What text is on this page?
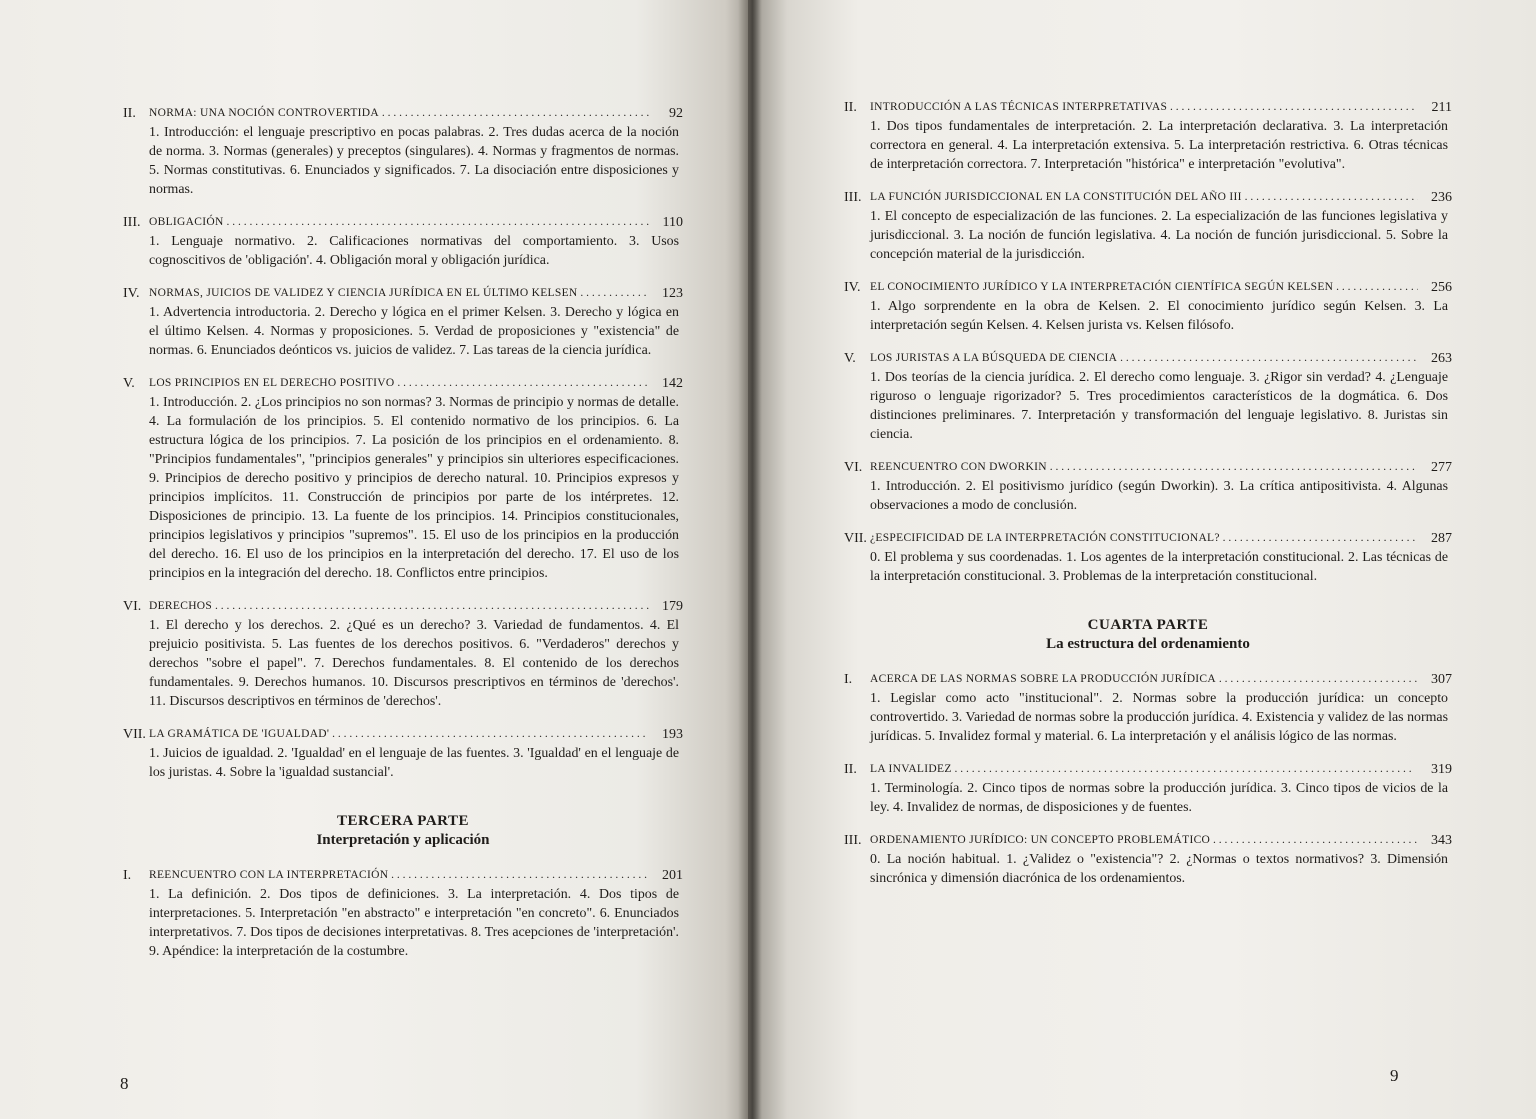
II.	NORMA: UNA NOCIÓN CONTROVERTIDA . . .	92
1. Introducción: el lenguaje prescriptivo en pocas palabras. 2. Tres dudas acerca de la noción de norma. 3. Normas (generales) y preceptos (singulares). 4. Normas y fragmentos de normas. 5. Normas constitutivas. 6. Enunciados y significados. 7. La disociación entre disposiciones y normas.
III. OBLIGACIÓN . . .	110
1. Lenguaje normativo. 2. Calificaciones normativas del comportamiento. 3. Usos cognoscitivos de 'obligación'. 4. Obligación moral y obligación jurídica.
IV. NORMAS, JUICIOS DE VALIDEZ Y CIENCIA JURÍDICA EN EL ÚLTIMO KELSEN . . .	123
1. Advertencia introductoria. 2. Derecho y lógica en el primer Kelsen. 3. Derecho y lógica en el último Kelsen. 4. Normas y proposiciones. 5. Verdad de proposiciones y "existencia" de normas. 6. Enunciados deónticos vs. juicios de validez. 7. Las tareas de la ciencia jurídica.
V.	LOS PRINCIPIOS EN EL DERECHO POSITIVO . . .	142
1. Introducción. 2. ¿Los principios no son normas? 3. Normas de principio y normas de detalle. 4. La formulación de los principios. 5. El contenido normativo de los principios. 6. La estructura lógica de los principios. 7. La posición de los principios en el ordenamiento. 8. "Principios fundamentales", "principios generales" y principios sin ulteriores especificaciones. 9. Principios de derecho positivo y principios de derecho natural. 10. Principios expresos y principios implícitos. 11. Construcción de principios por parte de los intérpretes. 12. Disposiciones de principio. 13. La fuente de los principios. 14. Principios constitucionales, principios legislativos y principios "supremos". 15. El uso de los principios en la producción del derecho. 16. El uso de los principios en la interpretación del derecho. 17. El uso de los principios en la integración del derecho. 18. Conflictos entre principios.
VI. DERECHOS . . .	179
1. El derecho y los derechos. 2. ¿Qué es un derecho? 3. Variedad de fundamentos. 4. El prejuicio positivista. 5. Las fuentes de los derechos positivos. 6. "Verdaderos" derechos y derechos "sobre el papel". 7. Derechos fundamentales. 8. El contenido de los derechos fundamentales. 9. Derechos humanos. 10. Discursos prescriptivos en términos de 'derechos'. 11. Discursos descriptivos en términos de 'derechos'.
VII. LA GRAMÁTICA DE 'IGUALDAD' . . .	193
1. Juicios de igualdad. 2. 'Igualdad' en el lenguaje de las fuentes. 3. 'Igualdad' en el lenguaje de los juristas. 4. Sobre la 'igualdad sustancial'.
TERCERA PARTE
Interpretación y aplicación
I.	REENCUENTRO CON LA INTERPRETACIÓN . . .	201
1. La definición. 2. Dos tipos de definiciones. 3. La interpretación. 4. Dos tipos de interpretaciones. 5. Interpretación "en abstracto" e interpretación "en concreto". 6. Enunciados interpretativos. 7. Dos tipos de decisiones interpretativas. 8. Tres acepciones de 'interpretación'. 9. Apéndice: la interpretación de la costumbre.
8
II.	INTRODUCCIÓN A LAS TÉCNICAS INTERPRETATIVAS . . .	211
1. Dos tipos fundamentales de interpretación. 2. La interpretación declarativa. 3. La interpretación correctora en general. 4. La interpretación extensiva. 5. La interpretación restrictiva. 6. Otras técnicas de interpretación correctora. 7. Interpretación "histórica" e interpretación "evolutiva".
III. LA FUNCIÓN JURISDICCIONAL EN LA CONSTITUCIÓN DEL AÑO III . . .	236
1. El concepto de especialización de las funciones. 2. La especialización de las funciones legislativa y jurisdiccional. 3. La noción de función legislativa. 4. La noción de función jurisdiccional. 5. Sobre la concepción material de la jurisdicción.
IV. EL CONOCIMIENTO JURÍDICO Y LA INTERPRETACIÓN CIENTÍFICA SEGÚN KELSEN . . .	256
1. Algo sorprendente en la obra de Kelsen. 2. El conocimiento jurídico según Kelsen. 3. La interpretación según Kelsen. 4. Kelsen jurista vs. Kelsen filósofo.
V.	LOS JURISTAS A LA BÚSQUEDA DE CIENCIA . . .	263
1. Dos teorías de la ciencia jurídica. 2. El derecho como lenguaje. 3. ¿Rigor sin verdad? 4. ¿Lenguaje riguroso o lenguaje rigorizador? 5. Tres procedimientos característicos de la dogmática. 6. Dos distinciones preliminares. 7. Interpretación y transformación del lenguaje legislativo. 8. Juristas sin ciencia.
VI. REENCUENTRO CON DWORKIN . . .	277
1. Introducción. 2. El positivismo jurídico (según Dworkin). 3. La crítica antipositivista. 4. Algunas observaciones a modo de conclusión.
VII. ¿ESPECIFICIDAD DE LA INTERPRETACIÓN CONSTITUCIONAL? . . .	287
0. El problema y sus coordenadas. 1. Los agentes de la interpretación constitucional. 2. Las técnicas de la interpretación constitucional. 3. Problemas de la interpretación constitucional.
CUARTA PARTE
La estructura del ordenamiento
I.	ACERCA DE LAS NORMAS SOBRE LA PRODUCCIÓN JURÍDICA . . .	307
1. Legislar como acto "institucional". 2. Normas sobre la producción jurídica: un concepto controvertido. 3. Variedad de normas sobre la producción jurídica. 4. Existencia y validez de las normas jurídicas. 5. Invalidez formal y material. 6. La interpretación y el análisis lógico de las normas.
II.	LA INVALIDEZ . . .	319
1. Terminología. 2. Cinco tipos de normas sobre la producción jurídica. 3. Cinco tipos de vicios de la ley. 4. Invalidez de normas, de disposiciones y de fuentes.
III. ORDENAMIENTO JURÍDICO: UN CONCEPTO PROBLEMÁTICO . . .	343
0. La noción habitual. 1. ¿Validez o "existencia"? 2. ¿Normas o textos normativos? 3. Dimensión sincrónica y dimensión diacrónica de los ordenamientos.
9
